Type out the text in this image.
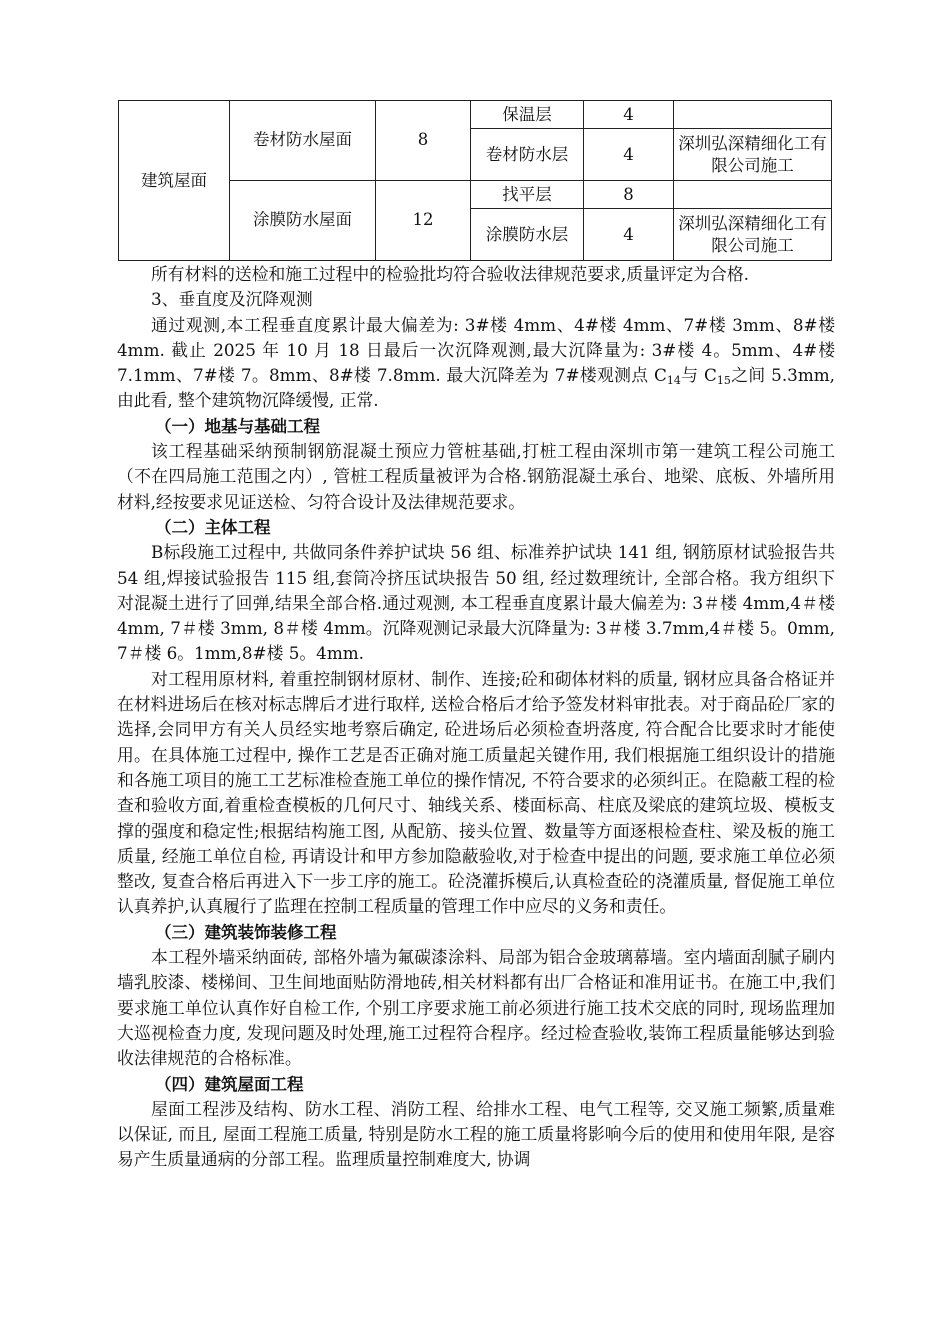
建筑屋面	卷材防水屋面	8	保温层	4	
			卷材防水层	4	深圳弘深精细化工有限公司施工
	涂膜防水屋面	12	找平层	8	
			涂膜防水层	4	深圳弘深精细化工有限公司施工

所有材料的送检和施工过程中的检验批均符合验收法律规范要求,质量评定为合格.

3、垂直度及沉降观测

通过观测,本工程垂直度累计最大偏差为: 3#楼 4mm、4#楼 4mm、7#楼 3mm、8#楼 4mm. 截止 2025 年 10 月 18 日最后一次沉降观测,最大沉降量为: 3#楼 4。5mm、4#楼 7.1mm、7#楼 7。8mm、8#楼 7.8mm. 最大沉降差为 7#楼观测点 $C_{14}$与 $C_{15}$之间 5.3mm, 由此看, 整个建筑物沉降缓慢, 正常.

（一）地基与基础工程

该工程基础采纳预制钢筋混凝土预应力管桩基础,打桩工程由深圳市第一建筑工程公司施工（不在四局施工范围之内）, 管桩工程质量被评为合格.钢筋混凝土承台、地梁、底板、外墙所用材料,经按要求见证送检、匀符合设计及法律规范要求。

（二）主体工程

B标段施工过程中, 共做同条件养护试块 56 组、标准养护试块 141 组, 钢筋原材试验报告共 54 组,焊接试验报告 115 组,套筒冷挤压试块报告 50 组, 经过数理统计, 全部合格。我方组织下对混凝土进行了回弹,结果全部合格.通过观测, 本工程垂直度累计最大偏差为: 3＃楼 4mm,4＃楼 4mm, 7＃楼 3mm, 8＃楼 4mm。沉降观测记录最大沉降量为: 3＃楼 3.7mm,4＃楼 5。0mm, 7＃楼 6。1mm,8#楼 5。4mm.

对工程用原材料, 着重控制钢材原材、制作、连接;砼和砌体材料的质量, 钢材应具备合格证并在材料进场后在核对标志牌后才进行取样, 送检合格后才给予签发材料审批表。对于商品砼厂家的选择,会同甲方有关人员经实地考察后确定, 砼进场后必须检查坍落度, 符合配合比要求时才能使用。在具体施工过程中, 操作工艺是否正确对施工质量起关键作用, 我们根据施工组织设计的措施和各施工项目的施工工艺标准检查施工单位的操作情况, 不符合要求的必须纠正。在隐蔽工程的检查和验收方面,着重检查模板的几何尺寸、轴线关系、楼面标高、柱底及梁底的建筑垃圾、模板支撑的强度和稳定性;根据结构施工图, 从配筋、接头位置、数量等方面逐根检查柱、梁及板的施工质量, 经施工单位自检, 再请设计和甲方参加隐蔽验收,对于检查中提出的问题, 要求施工单位必须整改, 复查合格后再进入下一步工序的施工。砼浇灌拆模后,认真检查砼的浇灌质量, 督促施工单位认真养护,认真履行了监理在控制工程质量的管理工作中应尽的义务和责任。

（三）建筑装饰装修工程

本工程外墙采纳面砖, 部格外墙为氟碳漆涂料、局部为铝合金玻璃幕墙。室内墙面刮腻子刷内墙乳胶漆、楼梯间、卫生间地面贴防滑地砖,相关材料都有出厂合格证和准用证书。在施工中,我们要求施工单位认真作好自检工作, 个别工序要求施工前必须进行施工技术交底的同时, 现场监理加大巡视检查力度, 发现问题及时处理,施工过程符合程序。经过检查验收,装饰工程质量能够达到验收法律规范的合格标准。

（四）建筑屋面工程

屋面工程涉及结构、防水工程、消防工程、给排水工程、电气工程等, 交叉施工频繁,质量难以保证, 而且, 屋面工程施工质量, 特别是防水工程的施工质量将影响今后的使用和使用年限, 是容易产生质量通病的分部工程。监理质量控制难度大, 协调
